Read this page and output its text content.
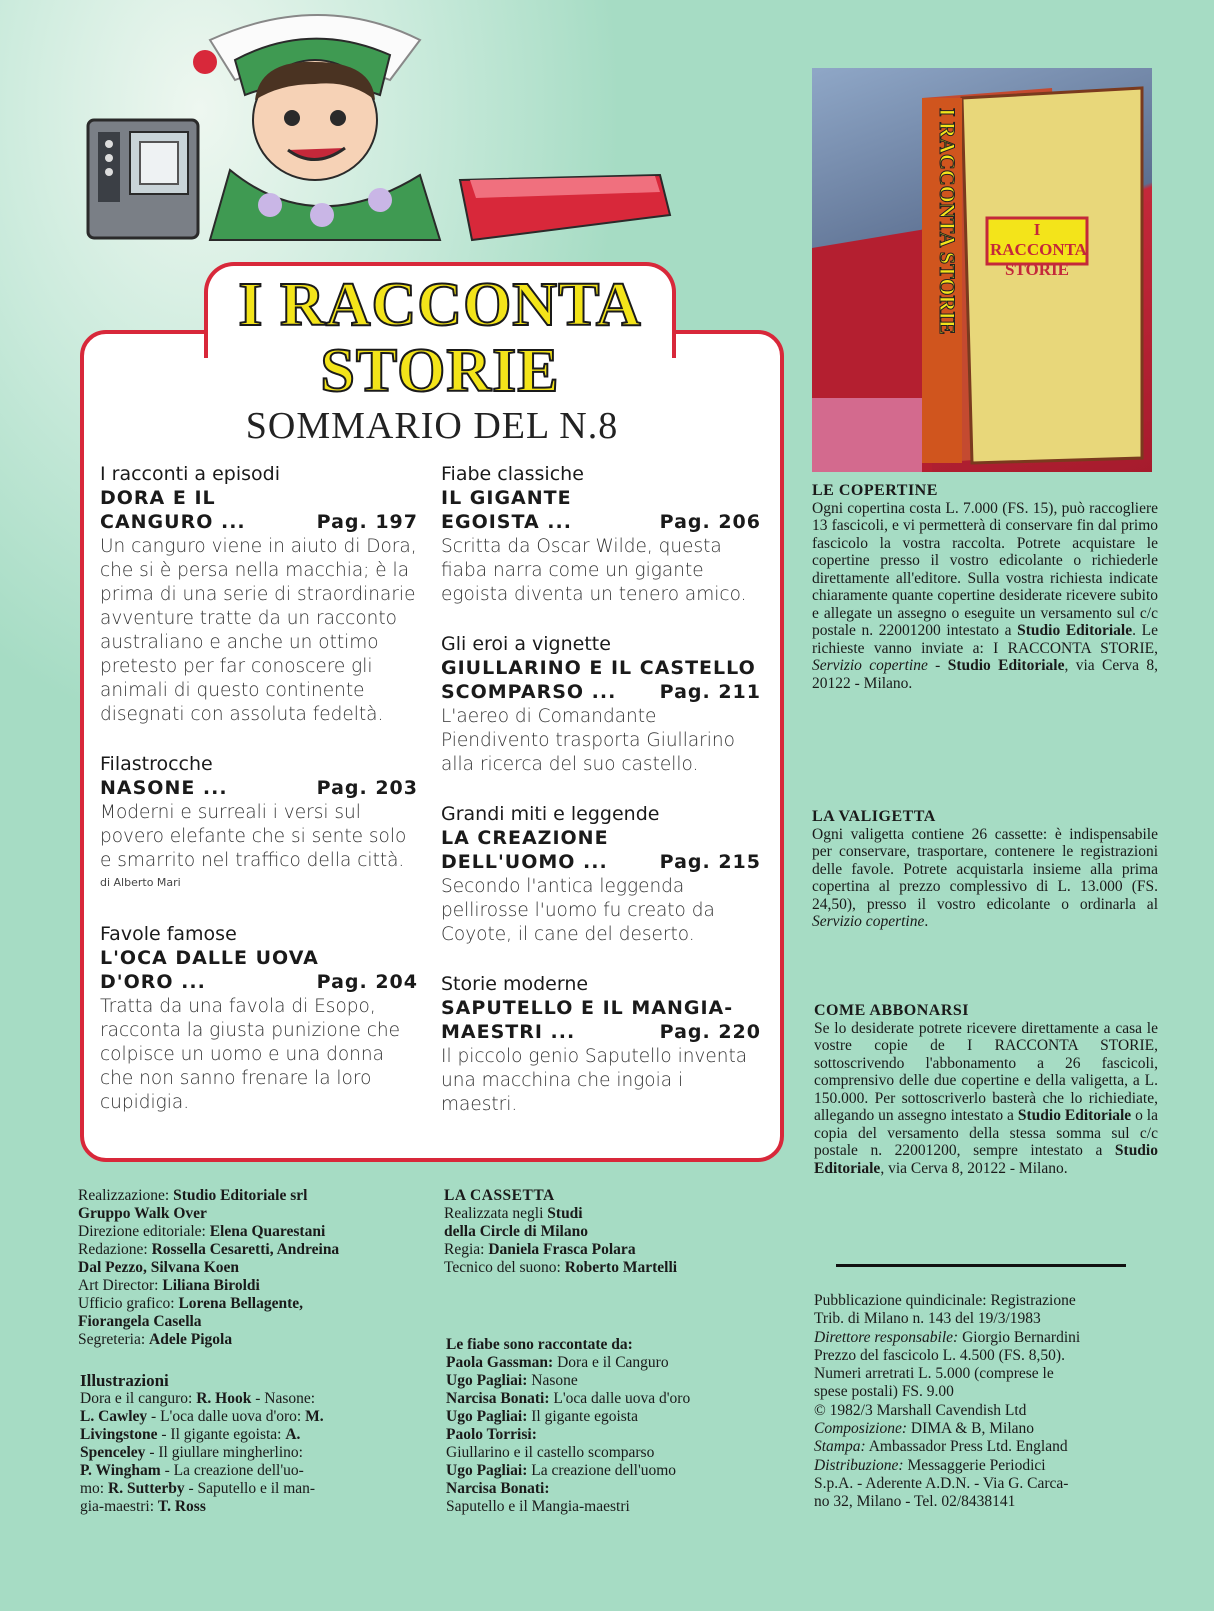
I RACCONTA STORIE	I RACCONTA STORIE
I RACCONTA
STORIE
SOMMARIO DEL N.8
I racconti a episodi
DORA E IL
CANGURO ...	Pag. 197
Un canguro viene in aiuto di Dora, che si è persa nella macchia; è la prima di una serie di straordinarie avventure tratte da un racconto australiano e anche un ottimo pretesto per far conoscere gli animali di questo continente disegnati con assoluta fedeltà.
Filastrocche
NASONE ...	Pag. 203
Moderni e surreali i versi sul povero elefante che si sente solo e smarrito nel traffico della città.
di Alberto Mari
Favole famose
L'OCA DALLE UOVA
D'ORO ...	Pag. 204
Tratta da una favola di Esopo, racconta la giusta punizione che colpisce un uomo e una donna che non sanno frenare la loro cupidigia.
Fiabe classiche
IL GIGANTE
EGOISTA ...	Pag. 206
Scritta da Oscar Wilde, questa fiaba narra come un gigante egoista diventa un tenero amico.
Gli eroi a vignette
GIULLARINO E IL CASTELLO
SCOMPARSO ... Pag. 211
L'aereo di Comandante Piendivento trasporta Giullarino alla ricerca del suo castello.
Grandi miti e leggende
LA CREAZIONE
DELL'UOMO ...	Pag. 215
Secondo l'antica leggenda pellirosse l'uomo fu creato da Coyote, il cane del deserto.
Storie moderne
SAPUTELLO E IL MANGIA-
MAESTRI ...	Pag. 220
Il piccolo genio Saputello inventa una macchina che ingoia i maestri.
LE COPERTINE

Ogni copertina costa L. 7.000 (FS. 15), può raccogliere 13 fascicoli, e vi permetterà di conservare fin dal primo fascicolo la vostra raccolta. Potrete acquistare le copertine presso il vostro edicolante o richiederle direttamente all'editore. Sulla vostra richiesta indicate chiaramente quante copertine desiderate ricevere subito e allegate un assegno o eseguite un versamento sul c/c postale n. 22001200 intestato a Studio Editoriale. Le richieste vanno inviate a: I RACCONTA STORIE, Servizio copertine - Studio Editoriale, via Cerva 8, 20122 - Milano.

LA VALIGETTA

Ogni valigetta contiene 26 cassette: è indispensabile per conservare, trasportare, contenere le registrazioni delle favole. Potrete acquistarla insieme alla prima copertina al prezzo complessivo di L. 13.000 (FS. 24,50), presso il vostro edicolante o ordinarla al Servizio copertine.

COME ABBONARSI

Se lo desiderate potrete ricevere direttamente a casa le vostre copie de I RACCONTA STORIE, sottoscrivendo l'abbonamento a 26 fascicoli, comprensivo delle due copertine e della valigetta, a L. 150.000. Per sottoscriverlo basterà che lo richiediate, allegando un assegno intestato a Studio Editoriale o la copia del versamento della stessa somma sul c/c postale n. 22001200, sempre intestato a Studio Editoriale, via Cerva 8, 20122 - Milano.

Pubblicazione quindicinale: Registrazione
Trib. di Milano n. 143 del 19/3/1983
Direttore responsabile: Giorgio Bernardini
Prezzo del fascicolo L. 4.500 (FS. 8,50).
Numeri arretrati L. 5.000 (comprese le
spese postali) FS. 9.00
© 1982/3 Marshall Cavendish Ltd
Composizione: DIMA & B, Milano
Stampa: Ambassador Press Ltd. England
Distribuzione: Messaggerie Periodici
S.p.A. - Aderente A.D.N. - Via G. Carca-
no 32, Milano - Tel. 02/8438141
Realizzazione: Studio Editoriale srl
Gruppo Walk Over
Direzione editoriale: Elena Quarestani
Redazione: Rossella Cesaretti, Andreina
Dal Pezzo, Silvana Koen
Art Director: Liliana Biroldi
Ufficio grafico: Lorena Bellagente,
Fiorangela Casella
Segreteria: Adele Pigola
Illustrazioni
Dora e il canguro: R. Hook - Nasone:
L. Cawley - L'oca dalle uova d'oro: M.
Livingstone - Il gigante egoista: A.
Spenceley - Il giullare mingherlino:
P. Wingham - La creazione dell'uo-
mo: R. Sutterby - Saputello e il man-
gia-maestri: T. Ross
LA CASSETTA
Realizzata negli Studi
della Circle di Milano
Regia: Daniela Frasca Polara
Tecnico del suono: Roberto Martelli
Le fiabe sono raccontate da:
Paola Gassman: Dora e il Canguro
Ugo Pagliai: Nasone
Narcisa Bonati: L'oca dalle uova d'oro
Ugo Pagliai: Il gigante egoista
Paolo Torrisi:
Giullarino e il castello scomparso
Ugo Pagliai: La creazione dell'uomo
Narcisa Bonati:
Saputello e il Mangia-maestri
